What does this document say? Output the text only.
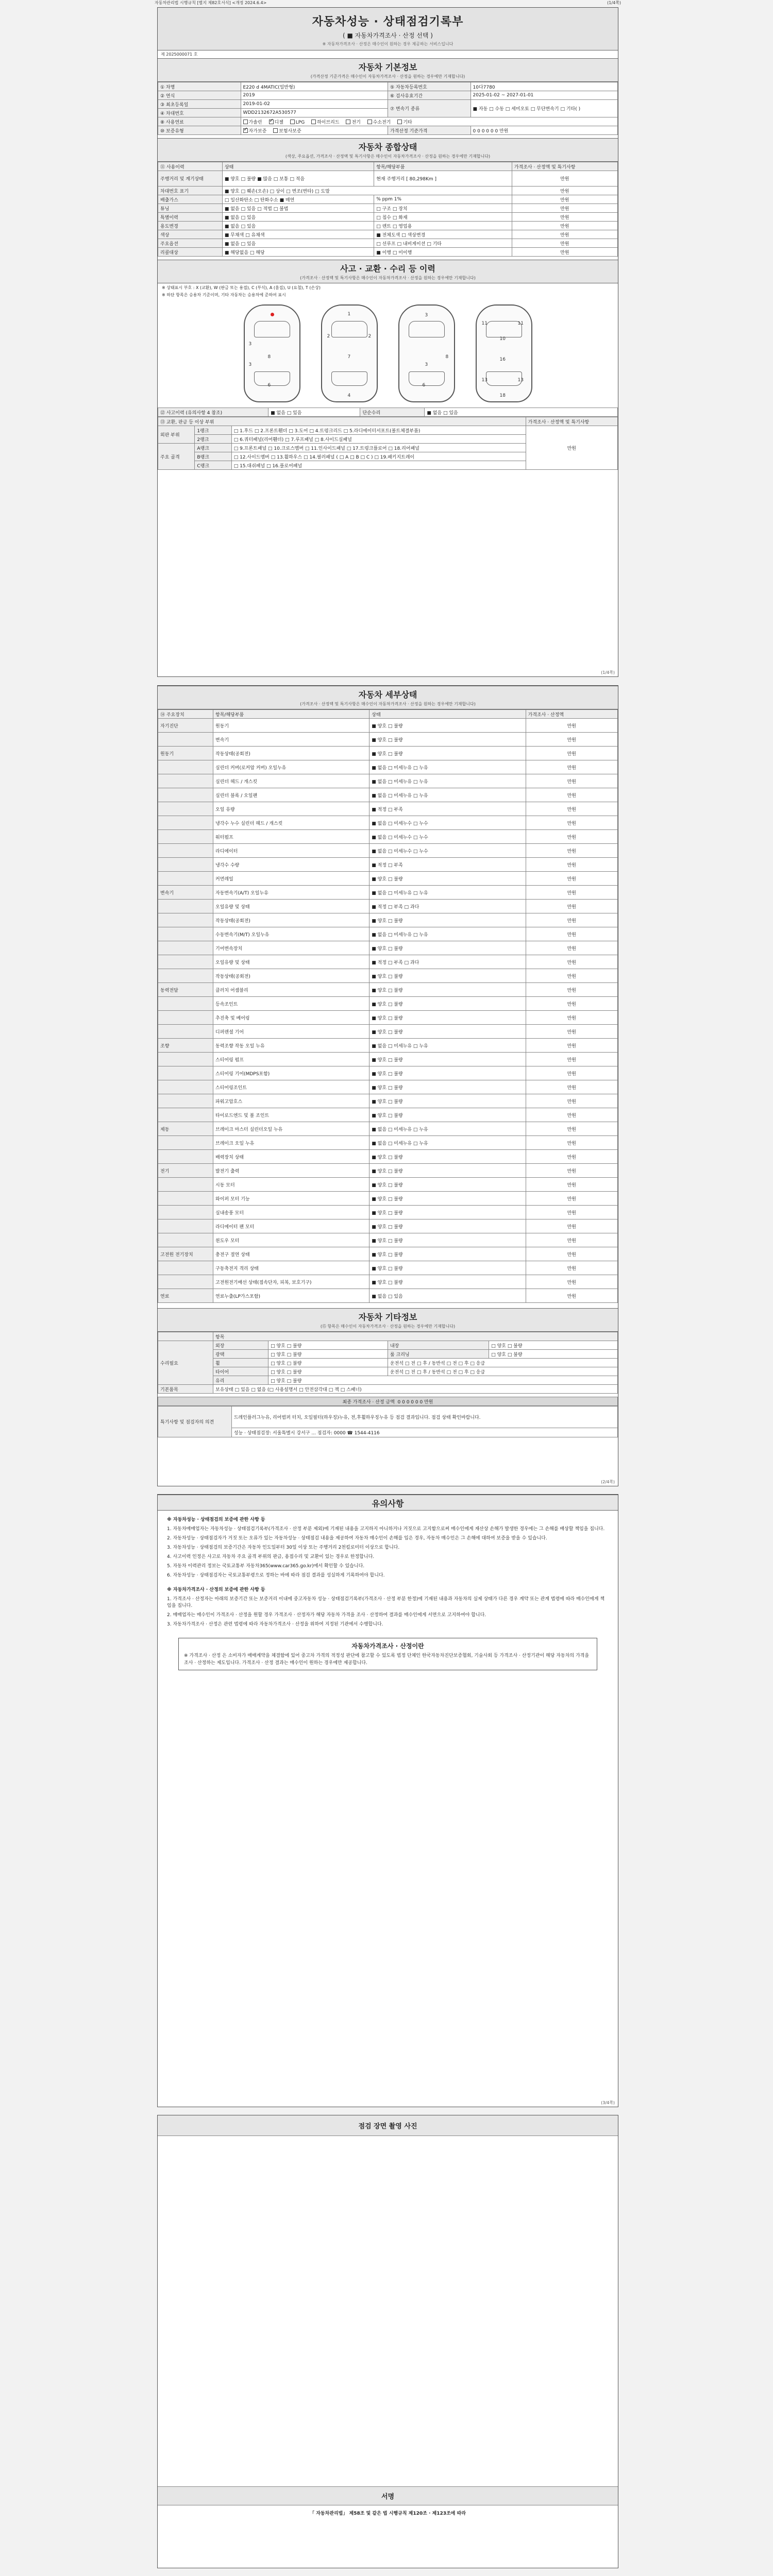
자동차관리법 시행규칙 [별지 제82호서식] <개정 2024.6.4>	(1/4쪽)
자동차성능 · 상태점검기록부
( ■ 자동차가격조사 · 산정 선택 )
※ 자동차가격조사 · 산정은 매수인이 원하는 경우 제공하는 서비스입니다
제 2025000071 호
자동차 기본정보
(가격산정 기준가격은 매수인이 자동차가격조사 · 산정을 원하는 경우에만 기재합니다)
① 차명	E220 d 4MATIC(일반형)	⑤ 자동차등록번호	10다7780
② 연식	2019	⑥ 검사유효기간	2025-01-02 ~ 2027-01-01
③ 최초등록일	2019-01-02	⑦ 변속기 종류	■ 자동 □ 수동 □ 세미오토 □ 무단변속기 □ 기타( )
④ 차대번호	WDD2132672A530577		
⑧ 사용연료	가솔린 ✓ 디젤 LPG 하이브리드 전기 수소전기 기타
⑩ 보증유형	✓자가보증 보험사보증	가격산정 기준가격	0 0 0 0 0 0 만원
자동차 종합상태
(색상, 주요옵션, 가격조사 · 산정액 및 특기사항은 매수인이 자동차가격조사 · 산정을 원하는 경우에만 기재합니다)
⑪ 사용이력	상태	항목/해당부품	가격조사 · 산정액 및 특기사항
주행거리 및 계기상태	■ 양호 □ 불량 ■ 많음 □ 보통 □ 적음	현재 주행거리 [ 80,298Km ]	만원
차대번호 표기	■ 양호 □ 훼손(오손) □ 상이 □ 변조(변타) □ 도말		만원
배출가스	□ 일산화탄소 □ 탄화수소 ■ 매연	% ppm 1%	만원
튜닝	■ 없음 □ 있음 □ 적법 □ 불법	□ 구조 □ 장치	만원
특별이력	■ 없음 □ 있음	□ 침수 □ 화재	만원
용도변경	■ 없음 □ 있음	□ 렌트 □ 영업용	만원
색상	■ 무채색 □ 유채색	■ 전체도색 □ 색상변경	만원
주요옵션	■ 없음 □ 있음	□ 선루프 □ 내비게이션 □ 기타	만원
리콜대상	■ 해당없음 □ 해당	■ 이행 □ 미이행	만원
사고 · 교환 · 수리 등 이력
(가격조사 · 산정액 및 특기사항은 매수인이 자동차가격조사 · 산정을 원하는 경우에만 기재합니다)
※ 상태표시 부호 : X (교환), W (판금 또는 용접), C (부식), A (흠집), U (요철), T (손상)
※ 하단 항목은 승용차 기준이며, 기타 자동차는 승용차에 준하여 표시
3
3
6
8
1
7
4
2	2
3
3
6
8
11	11
10
16
13	13
18
⑫ 사고이력 (유의사항 4 참조)	■ 없음 □ 있음	단순수리	■ 없음 □ 있음
⑬ 교환, 판금 등 이상 부위			가격조사 · 산정액 및 특기사항
외판 부위	1랭크	□ 1.후드 □ 2.프론트휀더 □ 3.도어 □ 4.트렁크리드 □ 5.라디에이터서포트(볼트체결부품)	만원
	2랭크	□ 6.쿼터패널(리어휀더) □ 7.루프패널 □ 8.사이드실패널	
주요 골격	A랭크	□ 9.프론트패널 □ 10.크로스멤버 □ 11.인사이드패널 □ 17.트렁크플로어 □ 18.리어패널	
	B랭크	□ 12.사이드멤버 □ 13.휠하우스 □ 14.필러패널 ( □ A □ B □ C ) □ 19.패키지트레이	
	C랭크	□ 15.대쉬패널 □ 16.플로어패널	
(1/4쪽)
자동차 세부상태
(가격조사 · 산정액 및 특기사항은 매수인이 자동차가격조사 · 산정을 원하는 경우에만 기재합니다)
⑭ 주요장치	항목/해당부품	상태	가격조사 · 산정액
자기진단	원동기	■ 양호 □ 불량	만원
	변속기	■ 양호 □ 불량	만원
원동기	작동상태(공회전)	■ 양호 □ 불량	만원
	실린더 커버(로커암 커버) 오일누유	■ 없음 □ 미세누유 □ 누유	만원
	실린더 헤드 / 개스킷	■ 없음 □ 미세누유 □ 누유	만원
	실린더 블록 / 오일팬	■ 없음 □ 미세누유 □ 누유	만원
	오일 유량	■ 적정 □ 부족	만원
	냉각수 누수 실린더 헤드 / 개스킷	■ 없음 □ 미세누수 □ 누수	만원
	워터펌프	■ 없음 □ 미세누수 □ 누수	만원
	라디에이터	■ 없음 □ 미세누수 □ 누수	만원
	냉각수 수량	■ 적정 □ 부족	만원
	커먼레일	■ 양호 □ 불량	만원
변속기	자동변속기(A/T) 오일누유	■ 없음 □ 미세누유 □ 누유	만원
	오일유량 및 상태	■ 적정 □ 부족 □ 과다	만원
	작동상태(공회전)	■ 양호 □ 불량	만원
	수동변속기(M/T) 오일누유	■ 없음 □ 미세누유 □ 누유	만원
	기어변속장치	■ 양호 □ 불량	만원
	오일유량 및 상태	■ 적정 □ 부족 □ 과다	만원
	작동상태(공회전)	■ 양호 □ 불량	만원
동력전달	클러치 어셈블리	■ 양호 □ 불량	만원
	등속조인트	■ 양호 □ 불량	만원
	추진축 및 베어링	■ 양호 □ 불량	만원
	디퍼렌셜 기어	■ 양호 □ 불량	만원
조향	동력조향 작동 오일 누유	■ 없음 □ 미세누유 □ 누유	만원
	스티어링 펌프	■ 양호 □ 불량	만원
	스티어링 기어(MDPS포함)	■ 양호 □ 불량	만원
	스티어링조인트	■ 양호 □ 불량	만원
	파워고압호스	■ 양호 □ 불량	만원
	타이로드엔드 및 볼 조인트	■ 양호 □ 불량	만원
제동	브레이크 마스터 실린더오일 누유	■ 없음 □ 미세누유 □ 누유	만원
	브레이크 오일 누유	■ 없음 □ 미세누유 □ 누유	만원
	배력장치 상태	■ 양호 □ 불량	만원
전기	발전기 출력	■ 양호 □ 불량	만원
	시동 모터	■ 양호 □ 불량	만원
	와이퍼 모터 기능	■ 양호 □ 불량	만원
	실내송풍 모터	■ 양호 □ 불량	만원
	라디에이터 팬 모터	■ 양호 □ 불량	만원
	윈도우 모터	■ 양호 □ 불량	만원
고전원 전기장치	충전구 절연 상태	■ 양호 □ 불량	만원
	구동축전지 격리 상태	■ 양호 □ 불량	만원
	고전원전기배선 상태(접속단자, 피복, 보호기구)	■ 양호 □ 불량	만원
연료	연료누출(LP가스포함)	■ 없음 □ 있음	만원
자동차 기타정보
(⑮ 항목은 매수인이 자동차가격조사 · 산정을 원하는 경우에만 기재합니다)
	항목			
수리필요	외장	□ 양호 □ 불량	내장	□ 양호 □ 불량
	광택	□ 양호 □ 불량	룸 크리닝	□ 양호 □ 불량
	휠	□ 양호 □ 불량	운전석 □ 전 □ 후 / 동반석 □ 전 □ 후 □ 응급	
	타이어	□ 양호 □ 불량	운전석 □ 전 □ 후 / 동반석 □ 전 □ 후 □ 응급	
	유리	□ 양호 □ 불량		
기본품목	보유상태 □ 있음 □ 없음 (□ 사용설명서 □ 안전삼각대 □ 잭 □ 스패너)			
최종 가격조사 · 산정 금액 0 0 0 0 0 0 만원
특기사항 및 점검자의 의견	드레인플러그누유, 리어범퍼 터치, 오일필터(하우징)누유, 전,후휠하우징누유 등 점검 결과입니다. 점검 상태 확인바랍니다.
성능 · 상태점검장: 서울특별시 강서구 ... 점검자: 0000 ☎ 1544-4116
(2/4쪽)
유의사항
※ 자동차성능 · 상태점검의 보증에 관한 사항 등

1. 자동차매매업자는 자동차성능 · 상태점검기록부(가격조사 · 산정 부분 제외)에 기재된 내용을 고지하지 아니하거나 거짓으로 고지함으로써 매수인에게 재산상 손해가 발생한 경우에는 그 손해를 배상할 책임을 집니다.

2. 자동차성능 · 상태점검자가 거짓 또는 오류가 있는 자동차성능 · 상태점검 내용을 제공하여 자동차 매수인이 손해를 입은 경우, 자동차 매수인은 그 손해에 대하여 보증을 받을 수 있습니다.

3. 자동차성능 · 상태점검의 보증기간은 자동차 인도일부터 30일 이상 또는 주행거리 2천킬로미터 이상으로 합니다.

4. 사고이력 인정은 사고로 자동차 주요 골격 부위의 판금, 용접수리 및 교환이 있는 경우로 한정합니다.

5. 자동차 이력관리 정보는 국토교통부 자동차365(www.car365.go.kr)에서 확인할 수 있습니다.

6. 자동차성능 · 상태점검자는 국토교통부령으로 정하는 바에 따라 점검 결과를 성실하게 기록하여야 합니다.

※ 자동차가격조사 · 산정의 보증에 관한 사항 등

1. 가격조사 · 산정자는 아래의 보증기간 또는 보증거리 이내에 중고자동차 성능 · 상태점검기록부(가격조사 · 산정 부분 한정)에 기재된 내용과 자동차의 실제 상태가 다른 경우 계약 또는 관계 법령에 따라 매수인에게 책임을 집니다.

2. 매매업자는 매수인이 가격조사 · 산정을 원할 경우 가격조사 · 산정자가 해당 자동차 가격을 조사 · 산정하여 결과를 매수인에게 서면으로 고지하여야 합니다.

3. 자동차가격조사 · 산정은 관련 법령에 따라 자동차가격조사 · 산정을 위하여 지정된 기관에서 수행합니다.

자동차가격조사 · 산정이란
※ 가격조사 · 산정 은 소비자가 매매계약을 체결함에 있어 중고차 가격의 적정성 판단에 참고할 수 있도록 법정 단체인 한국자동차진단보증협회, 기술사회 등 가격조사 · 산정기관이 해당 자동차의 가격을 조사 · 산정하는 제도입니다. 가격조사 · 산정 결과는 매수인이 원하는 경우에만 제공합니다.
(3/4쪽)
점검 장면 촬영 사진
서명
「 자동차관리법」 제58조 및 같은 법 시행규칙 제120조 · 제123조에 따라
